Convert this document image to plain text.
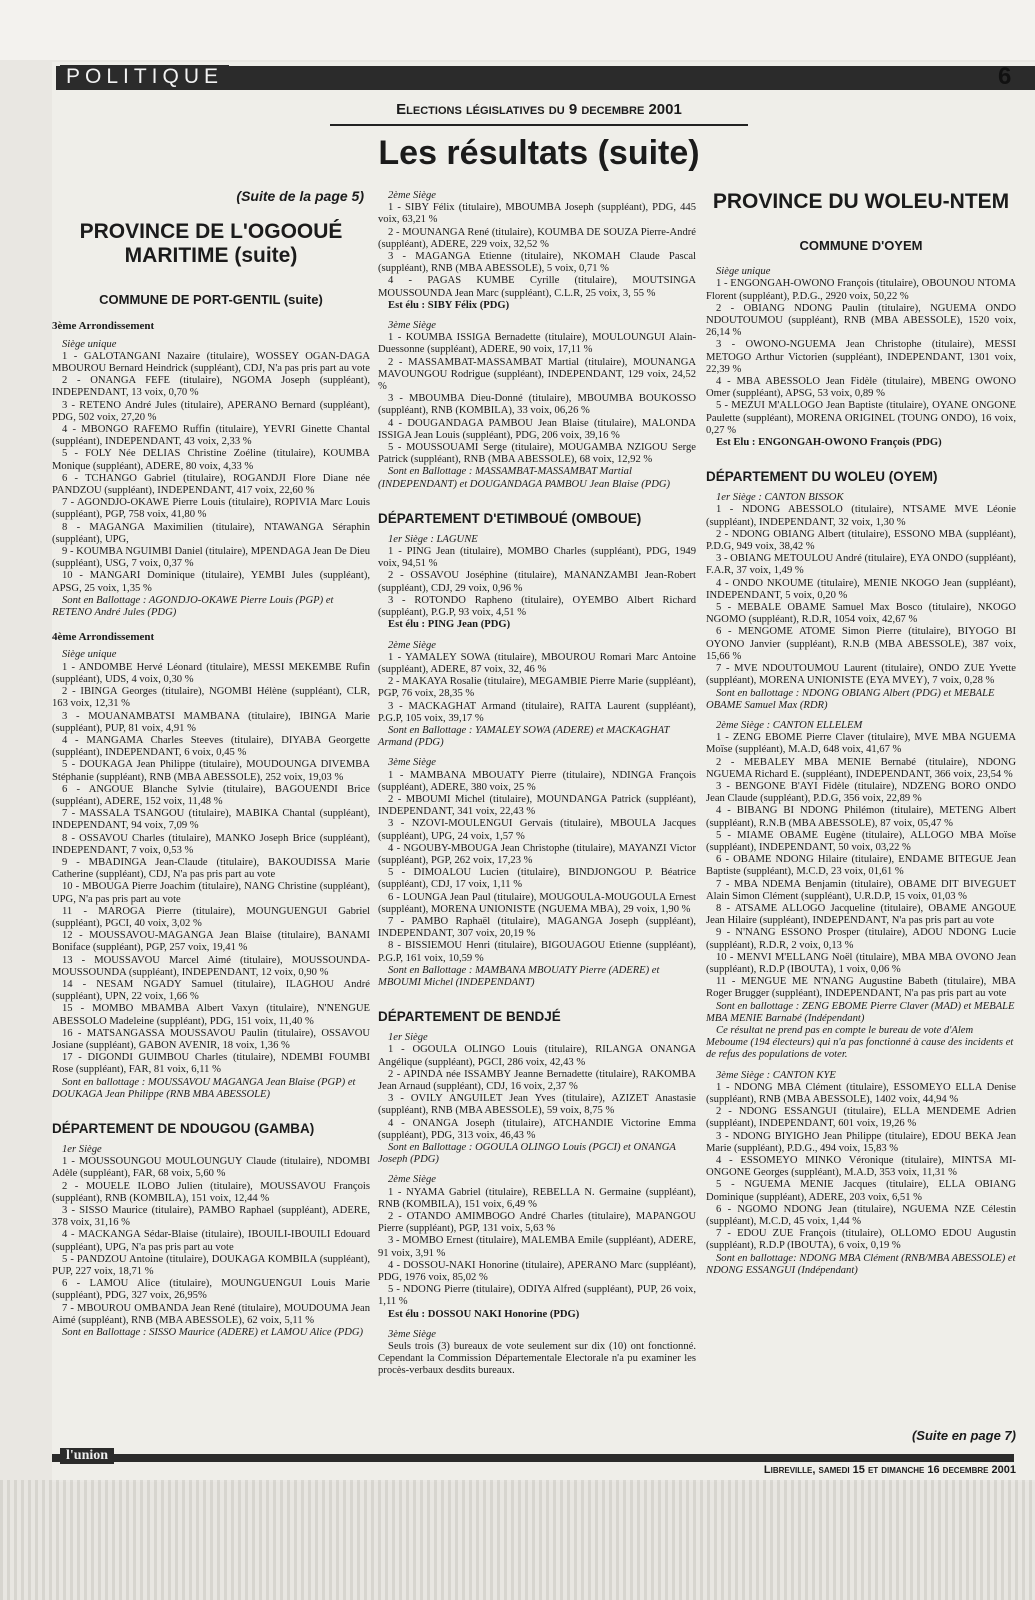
POLITIQUE	6
Elections législatives du 9 decembre 2001
Les résultats (suite)
(Suite de la page 5)
PROVINCE DE L'OGOOUÉ MARITIME (suite)
COMMUNE DE PORT-GENTIL (suite)
3ème Arrondissement

Siège unique

1 - GALOTANGANI Nazaire (titulaire), WOSSEY OGAN-DAGA MBOUROU Bernard Heindrick (suppléant), CDJ, N'a pas pris part au vote

2 - ONANGA FEFE (titulaire), NGOMA Joseph (suppléant), INDEPENDANT, 13 voix, 0,70 %

3 - RETENO André Jules (titulaire), APERANO Bernard (suppléant), PDG, 502 voix, 27,20 %

4 - MBONGO RAFEMO Ruffin (titulaire), YEVRI Ginette Chantal (suppléant), INDEPENDANT, 43 voix, 2,33 %

5 - FOLY Née DELIAS Christine Zoéline (titulaire), KOUMBA Monique (suppléant), ADERE, 80 voix, 4,33 %

6 - TCHANGO Gabriel (titulaire), ROGANDJI Flore Diane née PANDZOU (suppléant), INDEPENDANT, 417 voix, 22,60 %

7 - AGONDJO-OKAWE Pierre Louis (titulaire), ROPIVIA Marc Louis (suppléant), PGP, 758 voix, 41,80 %

8 - MAGANGA Maximilien (titulaire), NTAWANGA Séraphin (suppléant), UPG,

9 - KOUMBA NGUIMBI Daniel (titulaire), MPENDAGA Jean De Dieu (suppléant), USG, 7 voix, 0,37 %

10 - MANGARI Dominique (titulaire), YEMBI Jules (suppléant), APSG, 25 voix, 1,35 %

Sont en Ballottage : AGONDJO-OKAWE Pierre Louis (PGP) et RETENO André Jules (PDG)

4ème Arrondissement

Siège unique

1 - ANDOMBE Hervé Léonard (titulaire), MESSI MEKEMBE Rufin (suppléant), UDS, 4 voix, 0,30 %

2 - IBINGA Georges (titulaire), NGOMBI Hélène (suppléant), CLR, 163 voix, 12,31 %

3 - MOUANAMBATSI MAMBANA (titulaire), IBINGA Marie (suppléant), PUP, 81 voix, 4,91 %

4 - MANGAMA Charles Steeves (titulaire), DIYABA Georgette (suppléant), INDEPENDANT, 6 voix, 0,45 %

5 - DOUKAGA Jean Philippe (titulaire), MOUDOUNGA DIVEMBA Stéphanie (suppléant), RNB (MBA ABESSOLE), 252 voix, 19,03 %

6 - ANGOUE Blanche Sylvie (titulaire), BAGOUENDI Brice (suppléant), ADERE, 152 voix, 11,48 %

7 - MASSALA TSANGOU (titulaire), MABIKA Chantal (suppléant), INDEPENDANT, 94 voix, 7,09 %

8 - OSSAVOU Charles (titulaire), MANKO Joseph Brice (suppléant), INDEPENDANT, 7 voix, 0,53 %

9 - MBADINGA Jean-Claude (titulaire), BAKOUDISSA Marie Catherine (suppléant), CDJ, N'a pas pris part au vote

10 - MBOUGA Pierre Joachim (titulaire), NANG Christine (suppléant), UPG, N'a pas pris part au vote

11 - MAROGA Pierre (titulaire), MOUNGUENGUI Gabriel (suppléant), PGCI, 40 voix, 3,02 %

12 - MOUSSAVOU-MAGANGA Jean Blaise (titulaire), BANAMI Boniface (suppléant), PGP, 257 voix, 19,41 %

13 - MOUSSAVOU Marcel Aimé (titulaire), MOUSSOUNDA-MOUSSOUNDA (suppléant), INDEPENDANT, 12 voix, 0,90 %

14 - NESAM NGADY Samuel (titulaire), ILAGHOU André (suppléant), UPN, 22 voix, 1,66 %

15 - MOMBO MBAMBA Albert Vaxyn (titulaire), N'NENGUE ABESSOLO Madeleine (suppléant), PDG, 151 voix, 11,40 %

16 - MATSANGASSA MOUSSAVOU Paulin (titulaire), OSSAVOU Josiane (suppléant), GABON AVENIR, 18 voix, 1,36 %

17 - DIGONDI GUIMBOU Charles (titulaire), NDEMBI FOUMBI Rose (suppléant), FAR, 81 voix, 6,11 %

Sont en ballottage : MOUSSAVOU MAGANGA Jean Blaise (PGP) et DOUKAGA Jean Philippe (RNB MBA ABESSOLE)

DÉPARTEMENT DE NDOUGOU (GAMBA)

1er Siège

1 - MOUSSOUNGOU MOULOUNGUY Claude (titulaire), NDOMBI Adèle (suppléant), FAR, 68 voix, 5,60 %

2 - MOUELE ILOBO Julien (titulaire), MOUSSAVOU François (suppléant), RNB (KOMBILA), 151 voix, 12,44 %

3 - SISSO Maurice (titulaire), PAMBO Raphael (suppléant), ADERE, 378 voix, 31,16 %

4 - MACKANGA Sédar-Blaise (titulaire), IBOUILI-IBOUILI Edouard (suppléant), UPG, N'a pas pris part au vote

5 - PANDZOU Antoine (titulaire), DOUKAGA KOMBILA (suppléant), PUP, 227 voix, 18,71 %

6 - LAMOU Alice (titulaire), MOUNGUENGUI Louis Marie (suppléant), PDG, 327 voix, 26,95%

7 - MBOUROU OMBANDA Jean René (titulaire), MOUDOUMA Jean Aimé (suppléant), RNB (MBA ABESSOLE), 62 voix, 5,11 %

Sont en Ballottage : SISSO Maurice (ADERE) et LAMOU Alice (PDG)

2ème Siège

1 - SIBY Félix (titulaire), MBOUMBA Joseph (suppléant), PDG, 445 voix, 63,21 %

2 - MOUNANGA René (titulaire), KOUMBA DE SOUZA Pierre-André (suppléant), ADERE, 229 voix, 32,52 %

3 - MAGANGA Etienne (titulaire), NKOMAH Claude Pascal (suppléant), RNB (MBA ABESSOLE), 5 voix, 0,71 %

4 - PAGAS KUMBE Cyrille (titulaire), MOUTSINGA MOUSSOUNDA Jean Marc (suppléant), C.L.R, 25 voix, 3, 55 %

Est élu : SIBY Félix (PDG)

3ème Siège

1 - KOUMBA ISSIGA Bernadette (titulaire), MOULOUNGUI Alain-Duessonne (suppléant), ADERE, 90 voix, 17,11 %

2 - MASSAMBAT-MASSAMBAT Martial (titulaire), MOUNANGA MAVOUNGOU Rodrigue (suppléant), INDEPENDANT, 129 voix, 24,52 %

3 - MBOUMBA Dieu-Donné (titulaire), MBOUMBA BOUKOSSO (suppléant), RNB (KOMBILA), 33 voix, 06,26 %

4 - DOUGANDAGA PAMBOU Jean Blaise (titulaire), MALONDA ISSIGA Jean Louis (suppléant), PDG, 206 voix, 39,16 %

5 - MOUSSOUAMI Serge (titulaire), MOUGAMBA NZIGOU Serge Patrick (suppléant), RNB (MBA ABESSOLE), 68 voix, 12,92 %

Sont en Ballottage : MASSAMBAT-MASSAMBAT Martial (INDEPENDANT) et DOUGANDAGA PAMBOU Jean Blaise (PDG)

DÉPARTEMENT D'ETIMBOUÉ (OMBOUE)

1er Siège : LAGUNE

1 - PING Jean (titulaire), MOMBO Charles (suppléant), PDG, 1949 voix, 94,51 %

2 - OSSAVOU Joséphine (titulaire), MANANZAMBI Jean-Robert (suppléant), CDJ, 29 voix, 0,96 %

3 - ROTONDO Rapheno (titulaire), OYEMBO Albert Richard (suppléant), P.G.P, 93 voix, 4,51 %

Est élu : PING Jean (PDG)

2ème Siège

1 - YAMALEY SOWA (titulaire), MBOUROU Romari Marc Antoine (suppléant), ADERE, 87 voix, 32, 46 %

2 - MAKAYA Rosalie (titulaire), MEGAMBIE Pierre Marie (suppléant), PGP, 76 voix, 28,35 %

3 - MACKAGHAT Armand (titulaire), RAITA Laurent (suppléant), P.G.P, 105 voix, 39,17 %

Sont en Ballottage : YAMALEY SOWA (ADERE) et MACKAGHAT Armand (PDG)

3ème Siège

1 - MAMBANA MBOUATY Pierre (titulaire), NDINGA François (suppléant), ADERE, 380 voix, 25 %

2 - MBOUMI Michel (titulaire), MOUNDANGA Patrick (suppléant), INDEPENDANT, 341 voix, 22,43 %

3 - NZOVI-MOULENGUI Gervais (titulaire), MBOULA Jacques (suppléant), UPG, 24 voix, 1,57 %

4 - NGOUBY-MBOUGA Jean Christophe (titulaire), MAYANZI Victor (suppléant), PGP, 262 voix, 17,23 %

5 - DIMOALOU Lucien (titulaire), BINDJONGOU P. Béatrice (suppléant), CDJ, 17 voix, 1,11 %

6 - LOUNGA Jean Paul (titulaire), MOUGOULA-MOUGOULA Ernest (suppléant), MORENA UNIONISTE (NGUEMA MBA), 29 voix, 1,90 %

7 - PAMBO Raphaël (titulaire), MAGANGA Joseph (suppléant), INDEPENDANT, 307 voix, 20,19 %

8 - BISSIEMOU Henri (titulaire), BIGOUAGOU Etienne (suppléant), P.G.P, 161 voix, 10,59 %

Sont en Ballottage : MAMBANA MBOUATY Pierre (ADERE) et MBOUMI Michel (INDEPENDANT)

DÉPARTEMENT DE BENDJÉ

1er Siège

1 - OGOULA OLINGO Louis (titulaire), RILANGA ONANGA Angélique (suppléant), PGCI, 286 voix, 42,43 %

2 - APINDA née ISSAMBY Jeanne Bernadette (titulaire), RAKOMBA Jean Arnaud (suppléant), CDJ, 16 voix, 2,37 %

3 - OVILY ANGUILET Jean Yves (titulaire), AZIZET Anastasie (suppléant), RNB (MBA ABESSOLE), 59 voix, 8,75 %

4 - ONANGA Joseph (titulaire), ATCHANDIE Victorine Emma (suppléant), PDG, 313 voix, 46,43 %

Sont en Ballottage : OGOULA OLINGO Louis (PGCI) et ONANGA Joseph (PDG)

2ème Siège

1 - NYAMA Gabriel (titulaire), REBELLA N. Germaine (suppléant), RNB (KOMBILA), 151 voix, 6,49 %

2 - OTANDO AMIMBOGO André Charles (titulaire), MAPANGOU Pierre (suppléant), PGP, 131 voix, 5,63 %

3 - MOMBO Ernest (titulaire), MALEMBA Emile (suppléant), ADERE, 91 voix, 3,91 %

4 - DOSSOU-NAKI Honorine (titulaire), APERANO Marc (suppléant), PDG, 1976 voix, 85,02 %

5 - NDONG Pierre (titulaire), ODIYA Alfred (suppléant), PUP, 26 voix, 1,11 %

Est élu : DOSSOU NAKI Honorine (PDG)

3ème Siège

Seuls trois (3) bureaux de vote seulement sur dix (10) ont fonctionné. Cependant la Commission Départementale Electorale n'a pu examiner les procès-verbaux desdits bureaux.

PROVINCE DU WOLEU-NTEM
COMMUNE D'OYEM

Siège unique

1 - ENGONGAH-OWONO François (titulaire), OBOUNOU NTOMA Florent (suppléant), P.D.G., 2920 voix, 50,22 %

2 - OBIANG NDONG Paulin (titulaire), NGUEMA ONDO NDOUTOUMOU (suppléant), RNB (MBA ABESSOLE), 1520 voix, 26,14 %

3 - OWONO-NGUEMA Jean Christophe (titulaire), MESSI METOGO Arthur Victorien (suppléant), INDEPENDANT, 1301 voix, 22,39 %

4 - MBA ABESSOLO Jean Fidèle (titulaire), MBENG OWONO Omer (suppléant), APSG, 53 voix, 0,89 %

5 - MEZUI M'ALLOGO Jean Baptiste (titulaire), OYANE ONGONE Paulette (suppléant), MORENA ORIGINEL (TOUNG ONDO), 16 voix, 0,27 %

Est Elu : ENGONGAH-OWONO François (PDG)

DÉPARTEMENT DU WOLEU (OYEM)

1er Siège : CANTON BISSOK

1 - NDONG ABESSOLO (titulaire), NTSAME MVE Léonie (suppléant), INDEPENDANT, 32 voix, 1,30 %

2 - NDONG OBIANG Albert (titulaire), ESSONO MBA (suppléant), P.D.G, 949 voix, 38,42 %

3 - OBIANG METOULOU André (titulaire), EYA ONDO (suppléant), F.A.R, 37 voix, 1,49 %

4 - ONDO NKOUME (titulaire), MENIE NKOGO Jean (suppléant), INDEPENDANT, 5 voix, 0,20 %

5 - MEBALE OBAME Samuel Max Bosco (titulaire), NKOGO NGOMO (suppléant), R.D.R, 1054 voix, 42,67 %

6 - MENGOME ATOME Simon Pierre (titulaire), BIYOGO BI OYONO Janvier (suppléant), R.N.B (MBA ABESSOLE), 387 voix, 15,66 %

7 - MVE NDOUTOUMOU Laurent (titulaire), ONDO ZUE Yvette (suppléant), MORENA UNIONISTE (EYA MVEY), 7 voix, 0,28 %

Sont en ballottage : NDONG OBIANG Albert (PDG) et MEBALE OBAME Samuel Max (RDR)

2ème Siège : CANTON ELLELEM

1 - ZENG EBOME Pierre Claver (titulaire), MVE MBA NGUEMA Moïse (suppléant), M.A.D, 648 voix, 41,67 %

2 - MEBALEY MBA MENIE Bernabé (titulaire), NDONG NGUEMA Richard E. (suppléant), INDEPENDANT, 366 voix, 23,54 %

3 - BENGONE B'AYI Fidèle (titulaire), NDZENG BORO ONDO Jean Claude (suppléant), P.D.G, 356 voix, 22,89 %

4 - BIBANG BI NDONG Philémon (titulaire), METENG Albert (suppléant), R.N.B (MBA ABESSOLE), 87 voix, 05,47 %

5 - MIAME OBAME Eugène (titulaire), ALLOGO MBA Moïse (suppléant), INDEPENDANT, 50 voix, 03,22 %

6 - OBAME NDONG Hilaire (titulaire), ENDAME BITEGUE Jean Baptiste (suppléant), M.C.D, 23 voix, 01,61 %

7 - MBA NDEMA Benjamin (titulaire), OBAME DIT BIVEGUET Alain Simon Clément (suppléant), U.R.D.P, 15 voix, 01,03 %

8 - ATSAME ALLOGO Jacqueline (titulaire), OBAME ANGOUE Jean Hilaire (suppléant), INDEPENDANT, N'a pas pris part au vote

9 - N'NANG ESSONO Prosper (titulaire), ADOU NDONG Lucie (suppléant), R.D.R, 2 voix, 0,13 %

10 - MENVI M'ELLANG Noël (titulaire), MBA MBA OVONO Jean (suppléant), R.D.P (IBOUTA), 1 voix, 0,06 %

11 - MENGUE ME N'NANG Augustine Babeth (titulaire), MBA Roger Brugger (suppléant), INDEPENDANT, N'a pas pris part au vote

Sont en ballottage : ZENG EBOME Pierre Claver (MAD) et MEBALE MBA MENIE Barnabé (Indépendant)

Ce résultat ne prend pas en compte le bureau de vote d'Alem Meboume (194 électeurs) qui n'a pas fonctionné à cause des incidents et de refus des populations de voter.

3ème Siège : CANTON KYE

1 - NDONG MBA Clément (titulaire), ESSOMEYO ELLA Denise (suppléant), RNB (MBA ABESSOLE), 1402 voix, 44,94 %

2 - NDONG ESSANGUI (titulaire), ELLA MENDEME Adrien (suppléant), INDEPENDANT, 601 voix, 19,26 %

3 - NDONG BIYIGHO Jean Philippe (titulaire), EDOU BEKA Jean Marie (suppléant), P.D.G., 494 voix, 15,83 %

4 - ESSOMEYO MINKO Véronique (titulaire), MINTSA MI-ONGONE Georges (suppléant), M.A.D, 353 voix, 11,31 %

5 - NGUEMA MENIE Jacques (titulaire), ELLA OBIANG Dominique (suppléant), ADERE, 203 voix, 6,51 %

6 - NGOMO NDONG Jean (titulaire), NGUEMA NZE Célestin (suppléant), M.C.D, 45 voix, 1,44 %

7 - EDOU ZUE François (titulaire), OLLOMO EDOU Augustin (suppléant), R.D.P (IBOUTA), 6 voix, 0,19 %

Sont en ballottage: NDONG MBA Clément (RNB/MBA ABESSOLE) et NDONG ESSANGUI (Indépendant)

(Suite en page 7)
l'union
Libreville, samedi 15 et dimanche 16 decembre 2001
